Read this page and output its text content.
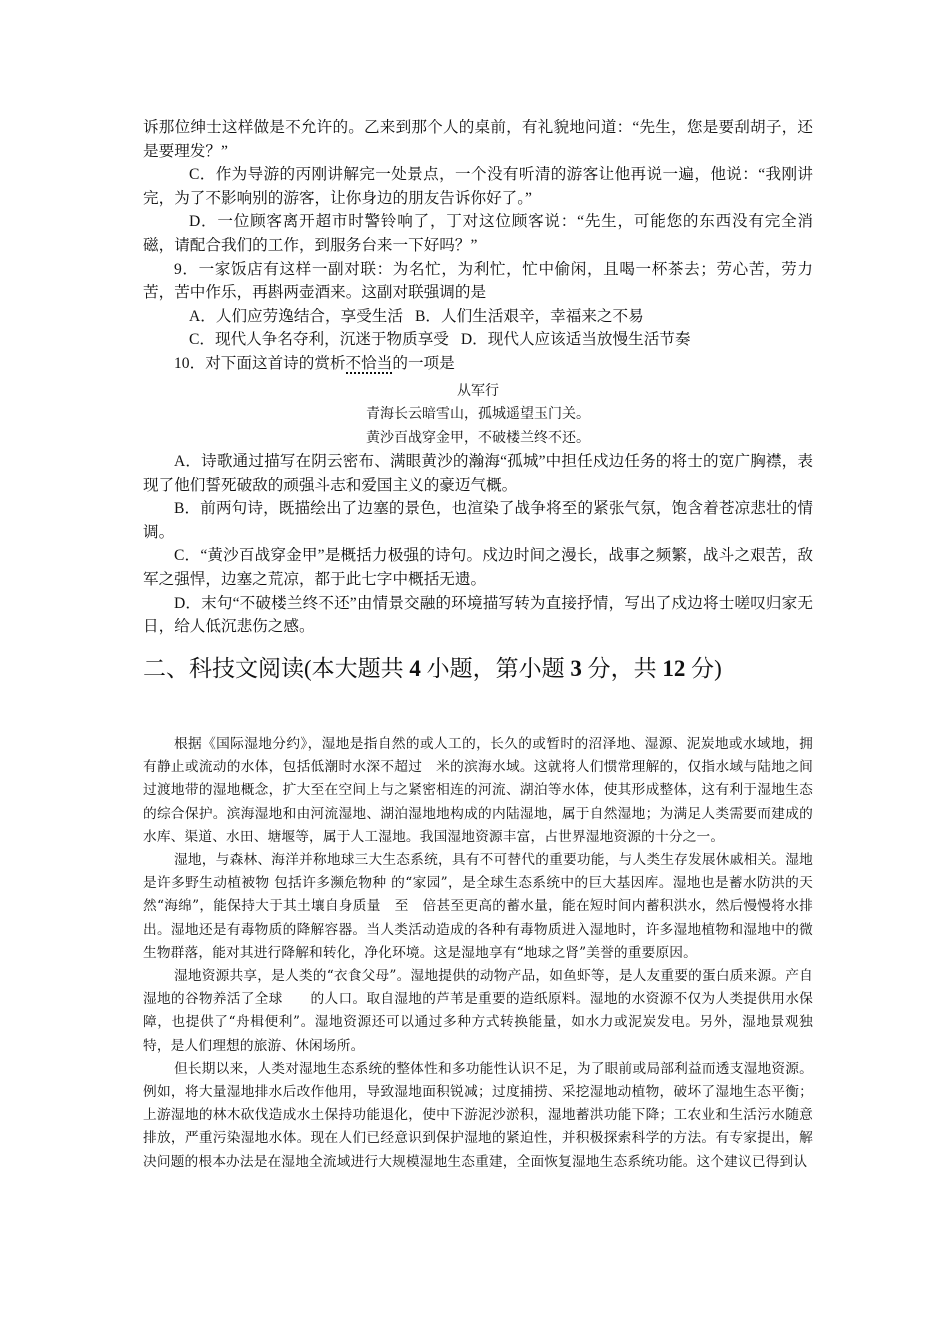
诉那位绅士这样做是不允许的。乙来到那个人的桌前，有礼貌地问道：“先生，您是要刮胡子，还是要理发？”

C．作为导游的丙刚讲解完一处景点，一个没有听清的游客让他再说一遍，他说：“我刚讲完，为了不影响别的游客，让你身边的朋友告诉你好了。”

D．一位顾客离开超市时警铃响了，丁对这位顾客说：“先生，可能您的东西没有完全消磁，请配合我们的工作，到服务台来一下好吗？”

9．一家饭店有这样一副对联：为名忙，为利忙，忙中偷闲，且喝一杯茶去；劳心苦，劳力苦，苦中作乐，再斟两壶酒来。这副对联强调的是

A．人们应劳逸结合，享受生活 B．人们生活艰辛，幸福来之不易

C．现代人争名夺利，沉迷于物质享受 D．现代人应该适当放慢生活节奏

10．对下面这首诗的赏析不恰当的一项是

从军行

青海长云暗雪山，孤城遥望玉门关。

黄沙百战穿金甲，不破楼兰终不还。

A．诗歌通过描写在阴云密布、满眼黄沙的瀚海“孤城”中担任戍边任务的将士的宽广胸襟，表现了他们誓死破敌的顽强斗志和爱国主义的豪迈气概。

B．前两句诗，既描绘出了边塞的景色，也渲染了战争将至的紧张气氛，饱含着苍凉悲壮的情调。

C．“黄沙百战穿金甲”是概括力极强的诗句。戍边时间之漫长，战事之频繁，战斗之艰苦，敌军之强悍，边塞之荒凉，都于此七字中概括无遗。

D．末句“不破楼兰终不还”由情景交融的环境描写转为直接抒情，写出了戍边将士嗟叹归家无日，给人低沉悲伤之感。

二、科技文阅读(本大题共 4 小题，第小题 3 分，共 12 分)

根据《国际湿地分约》，湿地是指自然的或人工的，长久的或暂时的沼泽地、湿源、泥炭地或水域地，拥有静止或流动的水体，包括低潮时水深不超过　米的滨海水域。这就将人们惯常理解的，仅指水域与陆地之间过渡地带的湿地概念，扩大至在空间上与之紧密相连的河流、湖泊等水体，使其形成整体，这有利于湿地生态的综合保护。滨海湿地和由河流湿地、湖泊湿地地构成的内陆湿地，属于自然湿地；为满足人类需要而建成的水库、渠道、水田、塘堰等，属于人工湿地。我国湿地资源丰富，占世界湿地资源的十分之一。

湿地，与森林、海洋并称地球三大生态系统，具有不可替代的重要功能，与人类生存发展休戚相关。湿地是许多野生动植被物 包括许多濒危物种 的“家园”，是全球生态系统中的巨大基因库。湿地也是蓄水防洪的天然“海绵”，能保持大于其土壤自身质量　至　倍甚至更高的蓄水量，能在短时间内蓄积洪水，然后慢慢将水排出。湿地还是有毒物质的降解容器。当人类活动造成的各种有毒物质进入湿地时，许多湿地植物和湿地中的微生物群落，能对其进行降解和转化，净化环境。这是湿地享有“地球之肾”美誉的重要原因。

湿地资源共享，是人类的“衣食父母”。湿地提供的动物产品，如鱼虾等，是人友重要的蛋白质来源。产自湿地的谷物养活了全球　　的人口。取自湿地的芦苇是重要的造纸原料。湿地的水资源不仅为人类提供用水保障，也提供了“舟楫便利”。湿地资源还可以通过多种方式转换能量，如水力或泥炭发电。另外，湿地景观独特，是人们理想的旅游、休闲场所。

但长期以来，人类对湿地生态系统的整体性和多功能性认识不足，为了眼前或局部利益而透支湿地资源。例如，将大量湿地排水后改作他用，导致湿地面积锐减；过度捕捞、采挖湿地动植物，破坏了湿地生态平衡；上游湿地的林木砍伐造成水土保持功能退化，使中下游泥沙淤积，湿地蓄洪功能下降；工农业和生活污水随意排放，严重污染湿地水体。现在人们已经意识到保护湿地的紧迫性，并积极探索科学的方法。有专家提出，解决问题的根本办法是在湿地全流域进行大规模湿地生态重建，全面恢复湿地生态系统功能。这个建议已得到认
